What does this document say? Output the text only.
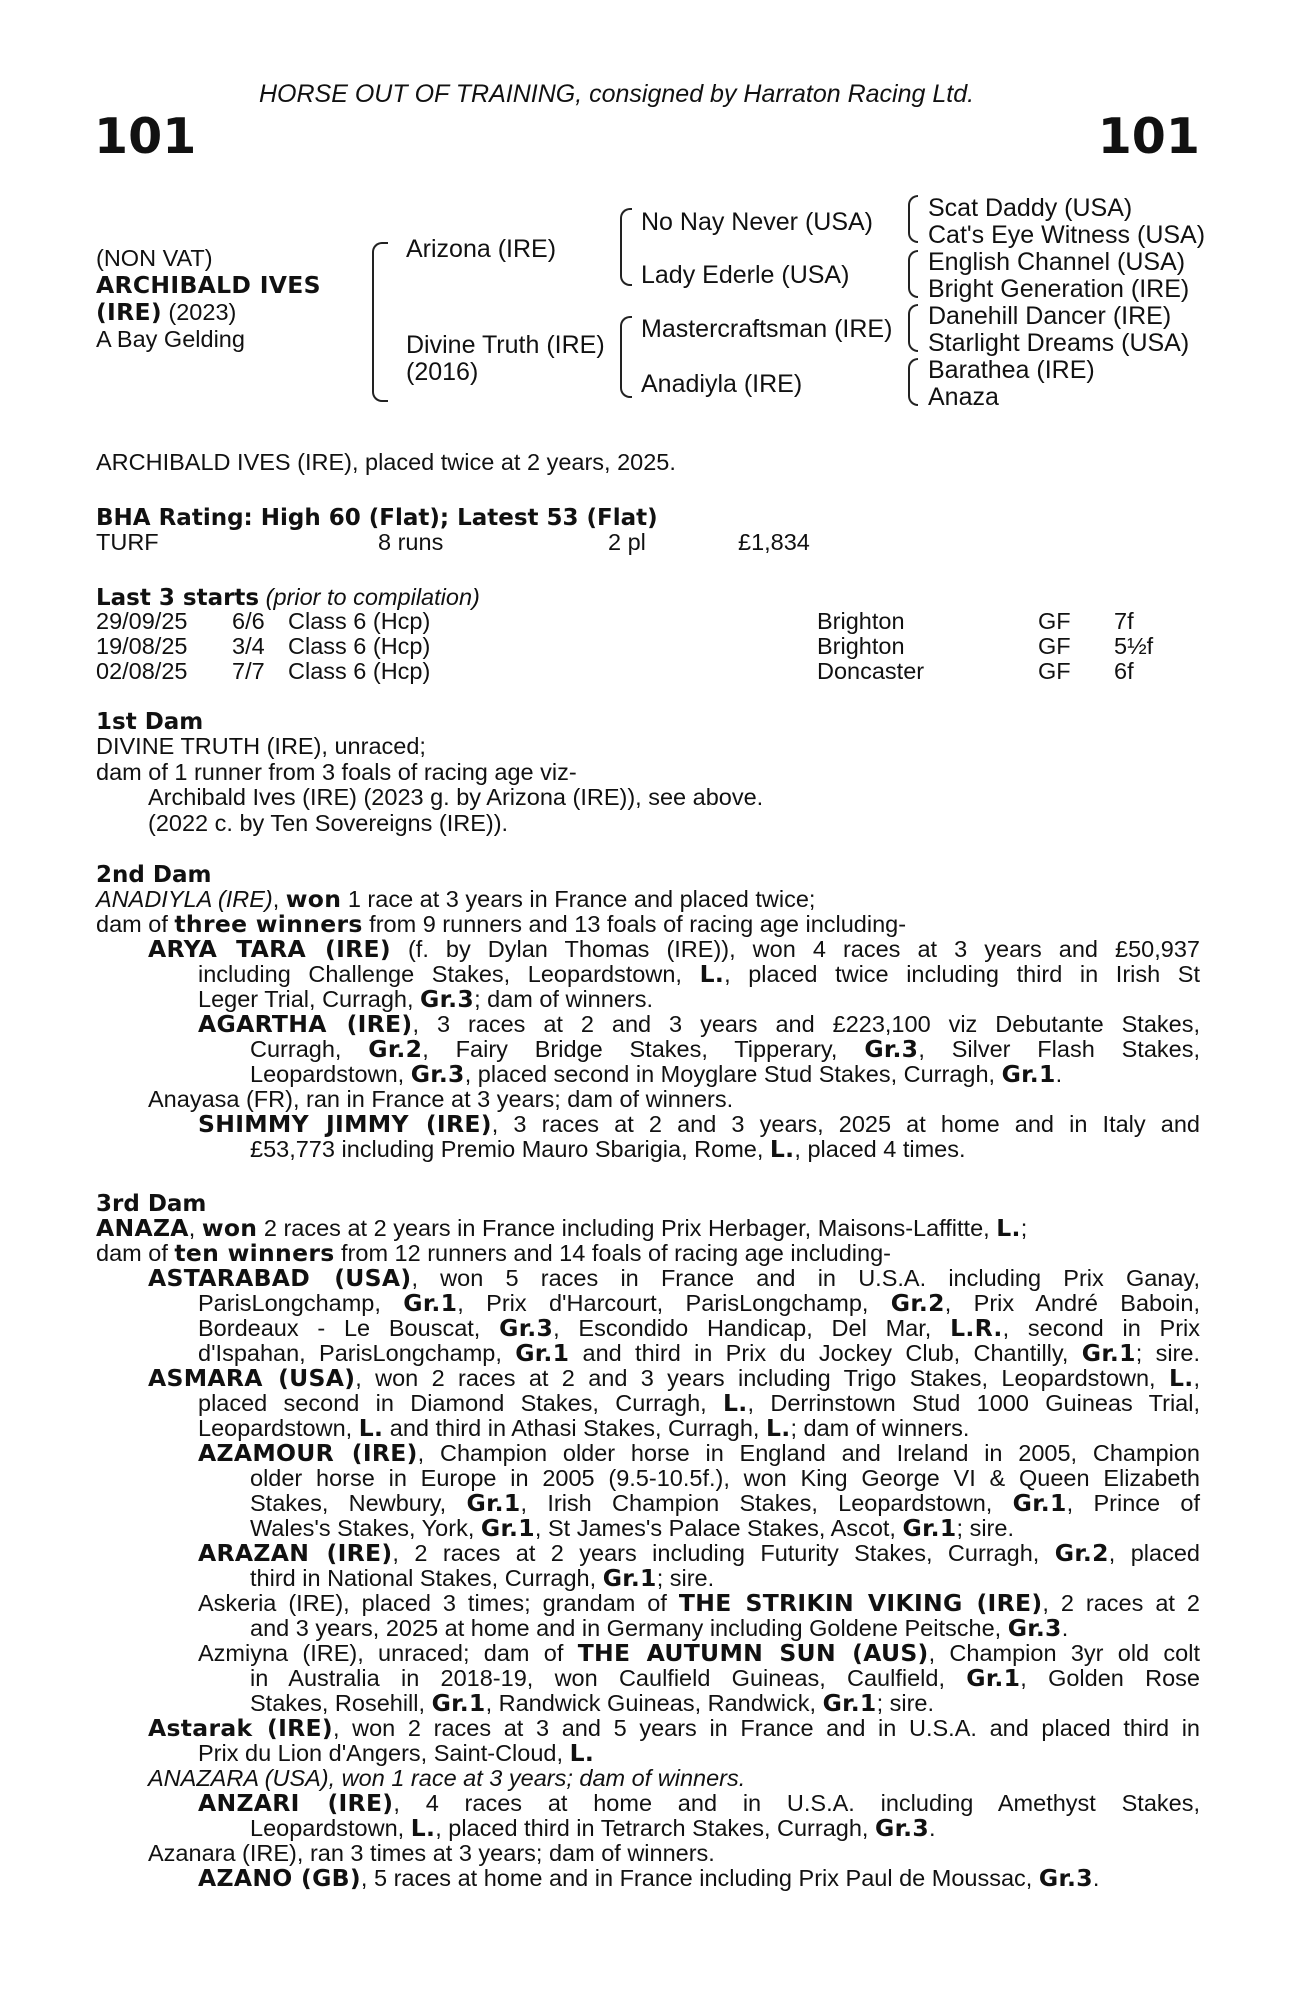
HORSE OUT OF TRAINING, consigned by Harraton Racing Ltd.
101	101
(NON VAT)
ARCHIBALD IVES
(IRE) (2023)
A Bay Gelding
Arizona (IRE)
Divine Truth (IRE)
(2016)
No Nay Never (USA)
Lady Ederle (USA)
Mastercraftsman (IRE)
Anadiyla (IRE)
Scat Daddy (USA)
Cat's Eye Witness (USA)
English Channel (USA)
Bright Generation (IRE)
Danehill Dancer (IRE)
Starlight Dreams (USA)
Barathea (IRE)
Anaza
ARCHIBALD IVES (IRE), placed twice at 2 years, 2025.
BHA Rating: High 60 (Flat); Latest 53 (Flat)
TURF	8 runs	2 pl	£1,834
Last 3 starts (prior to compilation)
29/09/25 6/6 Class 6 (Hcp)	Brighton	GF 7f
19/08/25 3/4 Class 6 (Hcp)	Brighton	GF 5½f
02/08/25 7/7 Class 6 (Hcp)	Doncaster	GF 6f
1st Dam
DIVINE TRUTH (IRE), unraced;
dam of 1 runner from 3 foals of racing age viz-
Archibald Ives (IRE) (2023 g. by Arizona (IRE)), see above.
(2022 c. by Ten Sovereigns (IRE)).
2nd Dam
ANADIYLA (IRE), won 1 race at 3 years in France and placed twice;
dam of three winners from 9 runners and 13 foals of racing age including-
ARYA TARA (IRE) (f. by Dylan Thomas (IRE)), won 4 races at 3 years and £50,937
including Challenge Stakes, Leopardstown, L., placed twice including third in Irish St
Leger Trial, Curragh, Gr.3; dam of winners.
AGARTHA (IRE), 3 races at 2 and 3 years and £223,100 viz Debutante Stakes,
Curragh, Gr.2, Fairy Bridge Stakes, Tipperary, Gr.3, Silver Flash Stakes,
Leopardstown, Gr.3, placed second in Moyglare Stud Stakes, Curragh, Gr.1.
Anayasa (FR), ran in France at 3 years; dam of winners.
SHIMMY JIMMY (IRE), 3 races at 2 and 3 years, 2025 at home and in Italy and
£53,773 including Premio Mauro Sbarigia, Rome, L., placed 4 times.
3rd Dam
ANAZA, won 2 races at 2 years in France including Prix Herbager, Maisons-Laffitte, L.;
dam of ten winners from 12 runners and 14 foals of racing age including-
ASTARABAD (USA), won 5 races in France and in U.S.A. including Prix Ganay,
ParisLongchamp, Gr.1, Prix d'Harcourt, ParisLongchamp, Gr.2, Prix André Baboin,
Bordeaux - Le Bouscat, Gr.3, Escondido Handicap, Del Mar, L.R., second in Prix
d'Ispahan, ParisLongchamp, Gr.1 and third in Prix du Jockey Club, Chantilly, Gr.1; sire.
ASMARA (USA), won 2 races at 2 and 3 years including Trigo Stakes, Leopardstown, L.,
placed second in Diamond Stakes, Curragh, L., Derrinstown Stud 1000 Guineas Trial,
Leopardstown, L. and third in Athasi Stakes, Curragh, L.; dam of winners.
AZAMOUR (IRE), Champion older horse in England and Ireland in 2005, Champion
older horse in Europe in 2005 (9.5-10.5f.), won King George VI & Queen Elizabeth
Stakes, Newbury, Gr.1, Irish Champion Stakes, Leopardstown, Gr.1, Prince of
Wales's Stakes, York, Gr.1, St James's Palace Stakes, Ascot, Gr.1; sire.
ARAZAN (IRE), 2 races at 2 years including Futurity Stakes, Curragh, Gr.2, placed
third in National Stakes, Curragh, Gr.1; sire.
Askeria (IRE), placed 3 times; grandam of THE STRIKIN VIKING (IRE), 2 races at 2
and 3 years, 2025 at home and in Germany including Goldene Peitsche, Gr.3.
Azmiyna (IRE), unraced; dam of THE AUTUMN SUN (AUS), Champion 3yr old colt
in Australia in 2018-19, won Caulfield Guineas, Caulfield, Gr.1, Golden Rose
Stakes, Rosehill, Gr.1, Randwick Guineas, Randwick, Gr.1; sire.
Astarak (IRE), won 2 races at 3 and 5 years in France and in U.S.A. and placed third in
Prix du Lion d'Angers, Saint-Cloud, L.
ANAZARA (USA), won 1 race at 3 years; dam of winners.
ANZARI (IRE), 4 races at home and in U.S.A. including Amethyst Stakes,
Leopardstown, L., placed third in Tetrarch Stakes, Curragh, Gr.3.
Azanara (IRE), ran 3 times at 3 years; dam of winners.
AZANO (GB), 5 races at home and in France including Prix Paul de Moussac, Gr.3.
